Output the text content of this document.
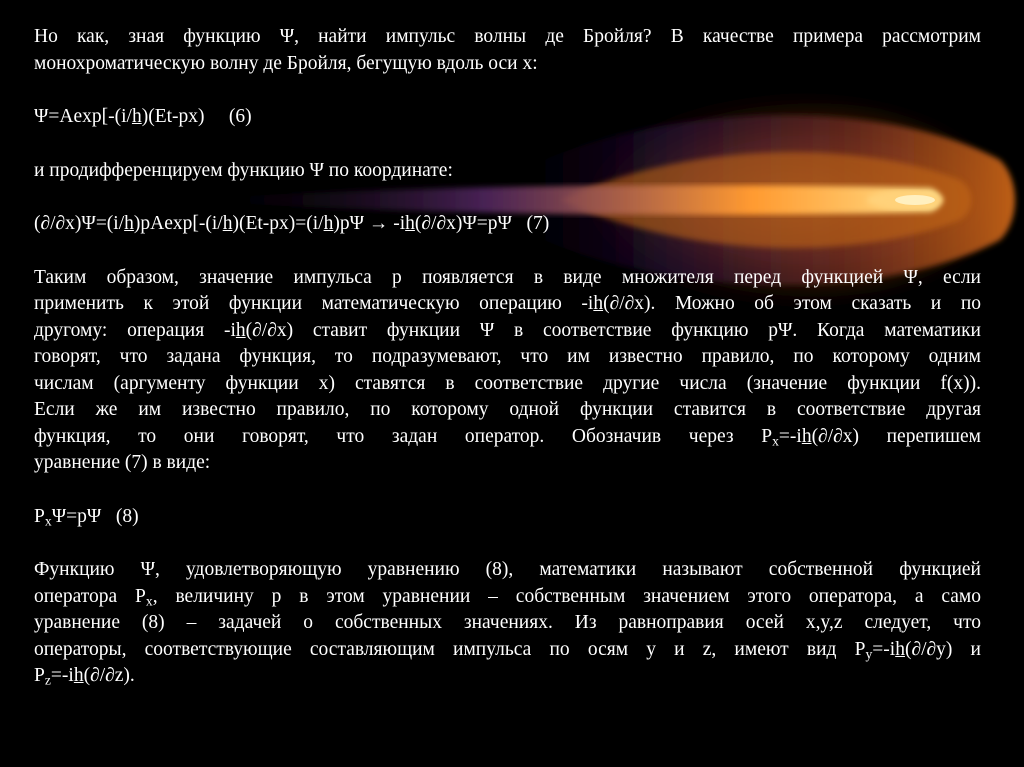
Но как, зная функцию Ψ, найти импульс волны де Бройля? В качестве примера рассмотрим

монохроматическую волну де Бройля, бегущую вдоль оси x:

Ψ=Aexp[-(i/h)(Et-px) (6)

и продифференцируем функцию Ψ по координате:

(∂/∂x)Ψ=(i/h)pAexp[-(i/h)(Et-px)=(i/h)pΨ → -ih(∂/∂x)Ψ=pΨ (7)

Таким образом, значение импульса p появляется в виде множителя перед функцией Ψ, если

применить к этой функции математическую операцию -ih(∂/∂x). Можно об этом сказать и по

другому: операция -ih(∂/∂x) ставит функции Ψ в соответствие функцию pΨ. Когда математики

говорят, что задана функция, то подразумевают, что им известно правило, по которому одним

числам (аргументу функции x) ставятся в соответствие другие числа (значение функции f(x)).

Если же им известно правило, по которому одной функции ставится в соответствие другая

функция, то они говорят, что задан оператор. Обозначив через $P_x=-ih(\partial/\partial x)$ перепишем

уравнение (7) в виде:

$P_x\Psi=p\Psi$ (8)

Функцию Ψ, удовлетворяющую уравнению (8), математики называют собственной функцией

оператора $P_x$, величину p в этом уравнении – собственным значением этого оператора, а само

уравнение (8) – задачей о собственных значениях. Из равноправия осей x,y,z следует, что

операторы, соответствующие составляющим импульса по осям y и z, имеют вид $P_y=-ih(\partial/\partial y)$ и

$P_z=-ih(\partial/\partial z)$.
